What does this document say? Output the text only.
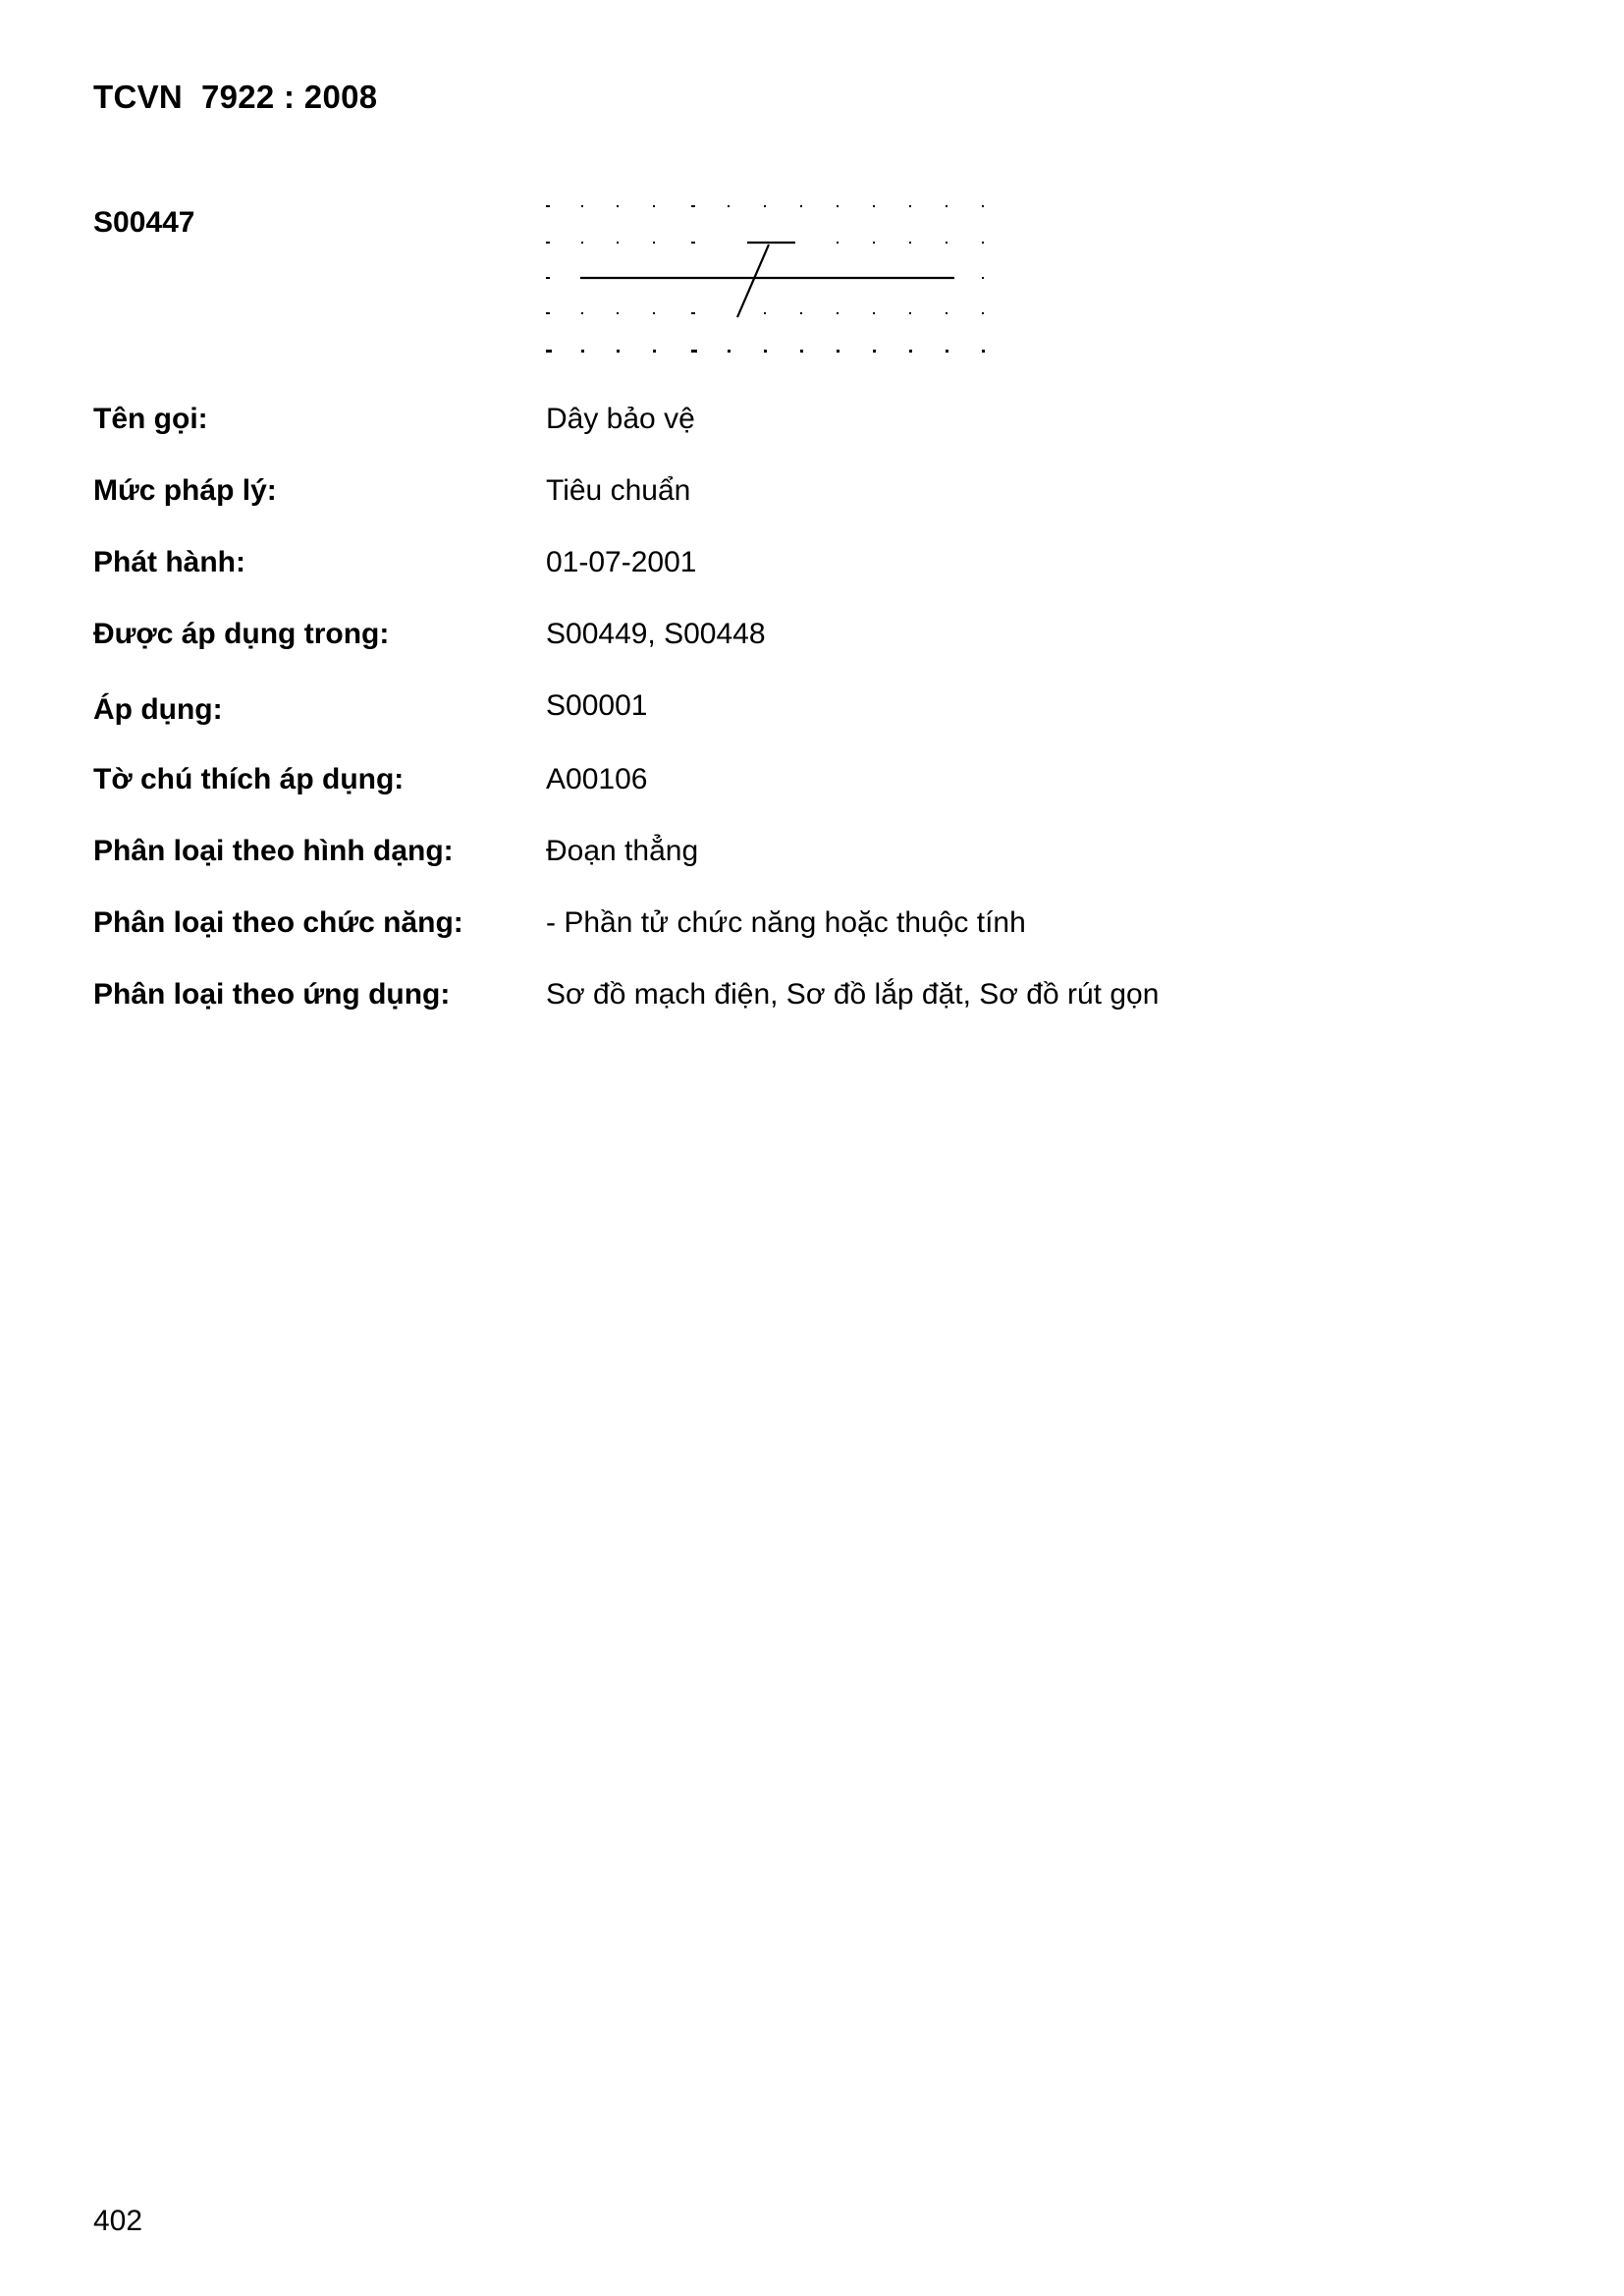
TCVN  7922 : 2008
S00447
Tên gọi:	Dây bảo vệ
Mức pháp lý:	Tiêu chuẩn
Phát hành:	01-07-2001
Được áp dụng trong:	S00449, S00448
Áp dụng:	S00001
Tờ chú thích áp dụng:	A00106
Phân loại theo hình dạng:	Đoạn thẳng
Phân loại theo chức năng:	- Phần tử chức năng hoặc thuộc tính
Phân loại theo ứng dụng:	Sơ đồ mạch điện, Sơ đồ lắp đặt, Sơ đồ rút gọn
402
